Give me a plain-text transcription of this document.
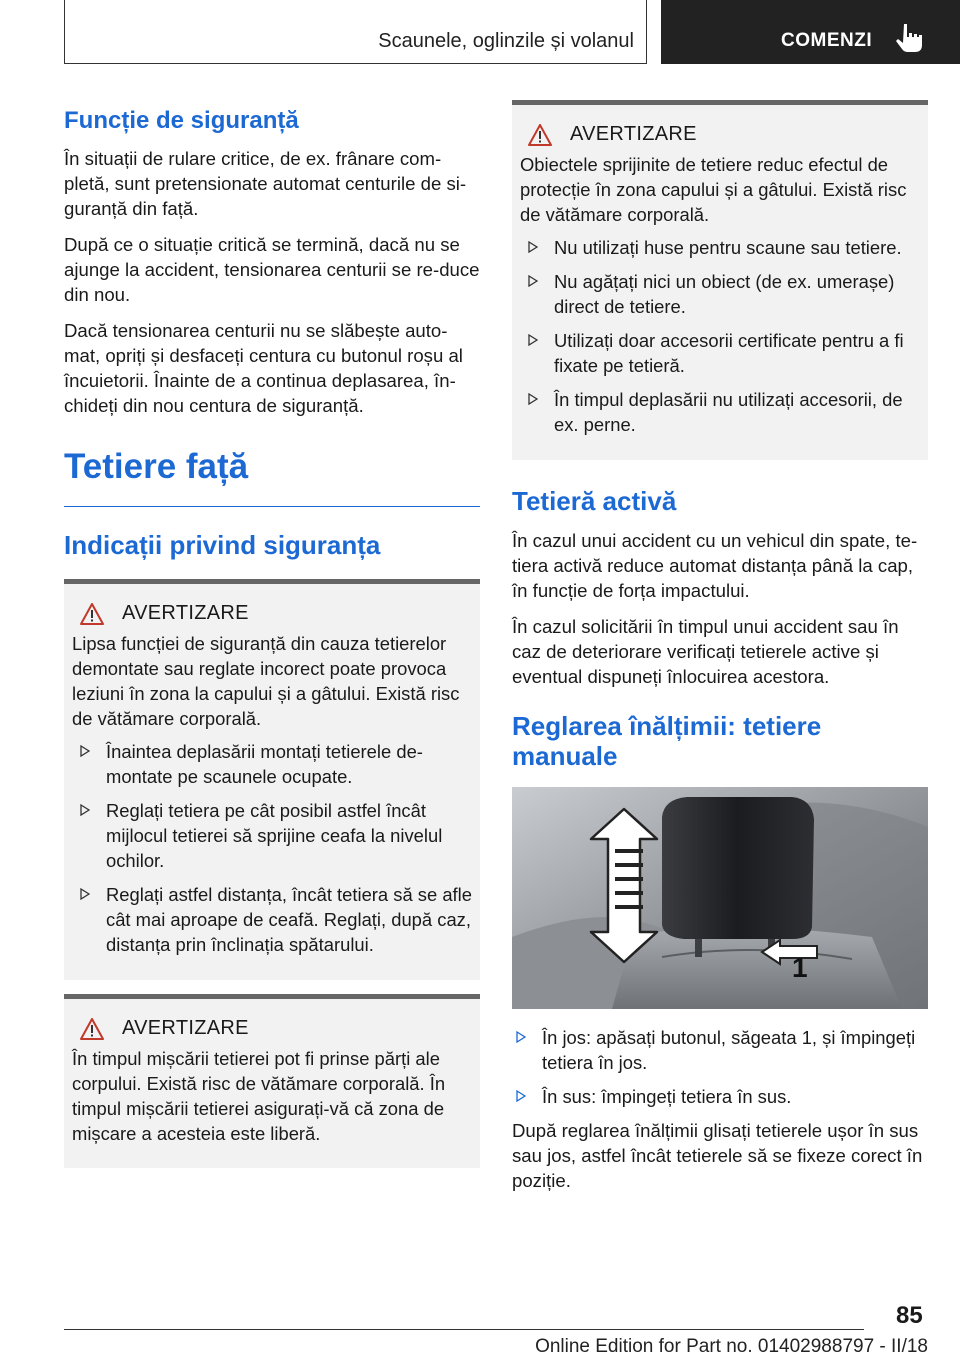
Scaunele, oglinzile și volanul	COMENZI
Funcție de siguranță

În situații de rulare critice, de ex. frânare com-pletă, sunt pretensionate automat centurile de si-guranță din față.

După ce o situație critică se termină, dacă nu se ajunge la accident, tensionarea centurii se re-duce din nou.

Dacă tensionarea centurii nu se slăbește auto-mat, opriți și desfaceți centura cu butonul roșu al încuietorii. Înainte de a continua deplasarea, în-chideți din nou centura de siguranță.

Tetiere față
Indicații privind siguranța
AVERTIZARE

Lipsa funcției de siguranță din cauza tetierelor demontate sau reglate incorect poate provoca leziuni în zona la capului și a gâtului. Există risc de vătămare corporală.

Înaintea deplasării montați tetierele de-montate pe scaunele ocupate.
Reglați tetiera pe cât posibil astfel încât mijlocul tetierei să sprijine ceafa la nivelul ochilor.
Reglați astfel distanța, încât tetiera să se afle cât mai aproape de ceafă. Reglați, după caz, distanța prin înclinația spătarului.
AVERTIZARE

În timpul mișcării tetierei pot fi prinse părți ale corpului. Există risc de vătămare corporală. În timpul mișcării tetierei asigurați-vă că zona de mișcare a acesteia este liberă.

AVERTIZARE

Obiectele sprijinite de tetiere reduc efectul de protecție în zona capului și a gâtului. Există risc de vătămare corporală.

Nu utilizați huse pentru scaune sau tetiere.
Nu agățați nici un obiect (de ex. umerașe) direct de tetiere.
Utilizați doar accesorii certificate pentru a fi fixate pe tetieră.
În timpul deplasării nu utilizați accesorii, de ex. perne.
Tetieră activă

În cazul unui accident cu un vehicul din spate, te-tiera activă reduce automat distanța până la cap, în funcție de forța impactului.

În cazul solicitării în timpul unui accident sau în caz de deteriorare verificați tetierele active și eventual dispuneți înlocuirea acestora.

Reglarea înălțimii: tetiere manuale
1
În jos: apăsați butonul, săgeata 1, și împingeți tetiera în jos.
În sus: împingeți tetiera în sus.

După reglarea înălțimii glisați tetierele ușor în sus sau jos, astfel încât tetierele să se fixeze corect în poziție.

85
Online Edition for Part no. 01402988797 - II/18
